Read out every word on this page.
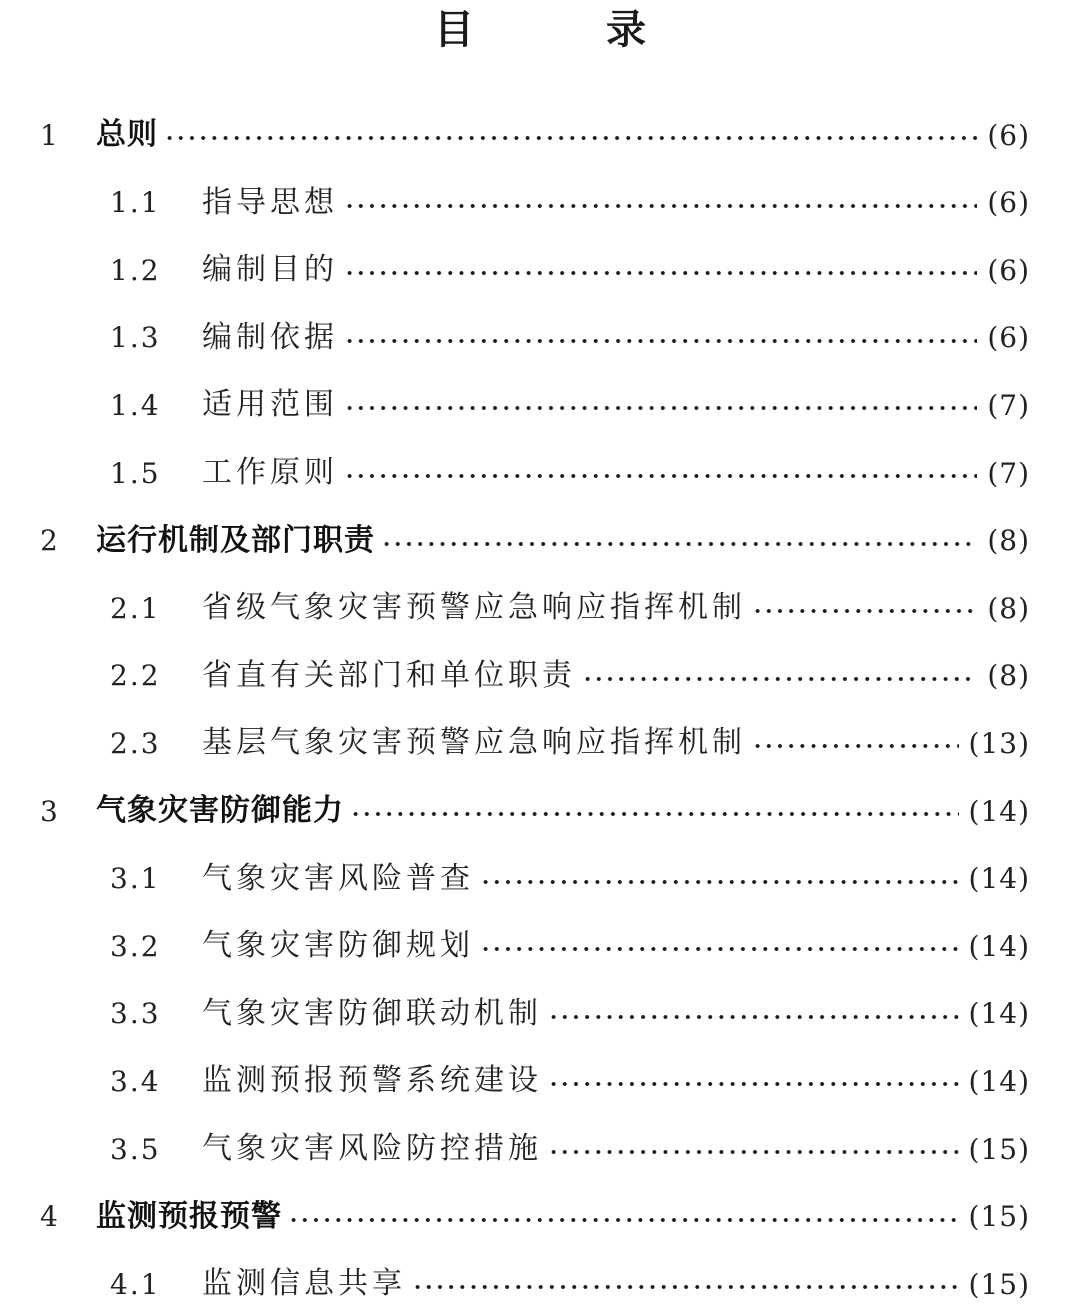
目　录
1 总则	(6)
1.1 指导思想	(6)
1.2 编制目的	(6)
1.3 编制依据	(6)
1.4 适用范围	(7)
1.5 工作原则	(7)
2 运行机制及部门职责	(8)
2.1 省级气象灾害预警应急响应指挥机制	(8)
2.2 省直有关部门和单位职责	(8)
2.3 基层气象灾害预警应急响应指挥机制	(13)
3 气象灾害防御能力	(14)
3.1 气象灾害风险普查	(14)
3.2 气象灾害防御规划	(14)
3.3 气象灾害防御联动机制	(14)
3.4 监测预报预警系统建设	(14)
3.5 气象灾害风险防控措施	(15)
4 监测预报预警	(15)
4.1 监测信息共享	(15)
